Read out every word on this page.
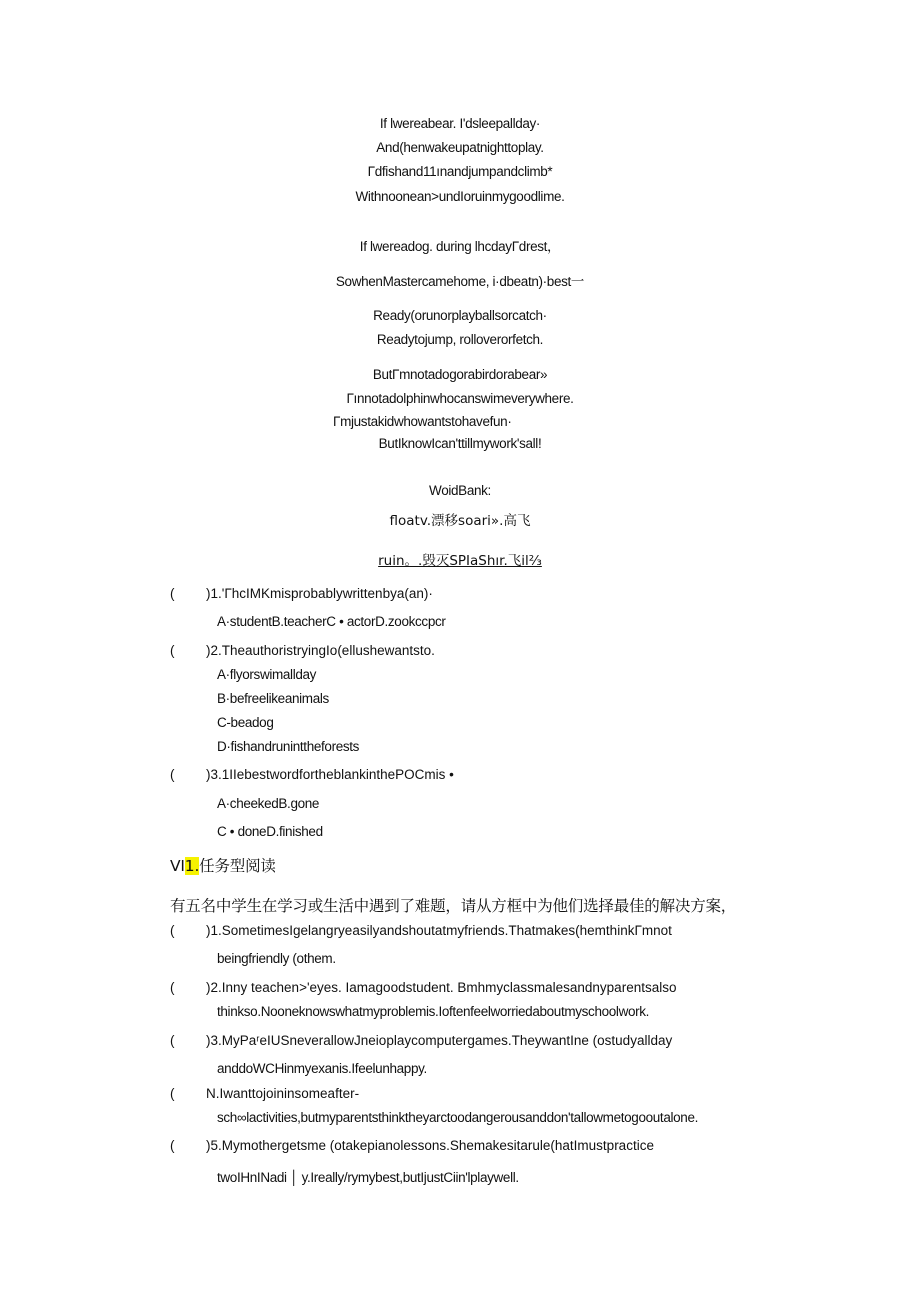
If lwereabear. I'dsleepallday·
And(henwakeupatnighttoplay.
Γdfishand11ınandjumpandclimb*
Withnoonean>undIoruinmygoodlime.
If lwereadog. during lhcdayΓdrest，
SowhenMastercamehome, i·dbeatn)·best一
Ready(orunorplayballsorcatch·
Readytojump, rolloverorfetch.
ButΓmnotadogorabirdorabear»
Γınnotadolphinwhocanswimeverywhere.
Γmjustakidwhowantstohavefun·
ButIknowIcan'ttillmywork'sall!
WoidBank:
floatv.漂移soari».高飞
ruin。.毁灭SPIaShır.飞il⅔
( )1.'ΓhcIMKmisprobablywrittenbya(an)·
A·studentB.teacherC • actorD.zookccpcr
( )2.TheauthoristryingIo(ellushewantsto.
A·flyorswimallday
B·befreelikeanimals
C-beadog
D·fishandruninttheforests
( )3.1IIebestwordfortheblankinthePOCmis •
A·cheekedB.gone
C • doneD.finished
VI1.任务型阅读
有五名中学生在学习或生活中遇到了难题，请从方框中为他们选择最佳的解决方案，
( )1.SometimesIgelangryeasilyandshoutatmyfriends.Thatmakes(hemthinkΓmnot
beingfriendly (othem.
( )2.Inny teachen>'eyes. Iamagoodstudent. Bmhmyclassmalesandnyparentsalso
thinkso.Nooneknowswhatmyproblemis.Ioftenfeelworriedaboutmyschoolwork.
( )3.MyPaʳeIUSneverallowJneioplaycomputergames.TheywantIne (ostudyallday
anddoWCHinmyexanis.Ifeelunhappy.
( N.Iwanttojoininsomeafter-
sch∞lactivities,butmyparentsthinktheyarctoodangerousanddon'tallowmetogooutalone.
( )5.Mymothergetsme (otakepianolessons.Shemakesitarule(hatImustpractice
twoIHnINadi │ y.Ireally/rymybest,butIjustCiin'lplaywell.
